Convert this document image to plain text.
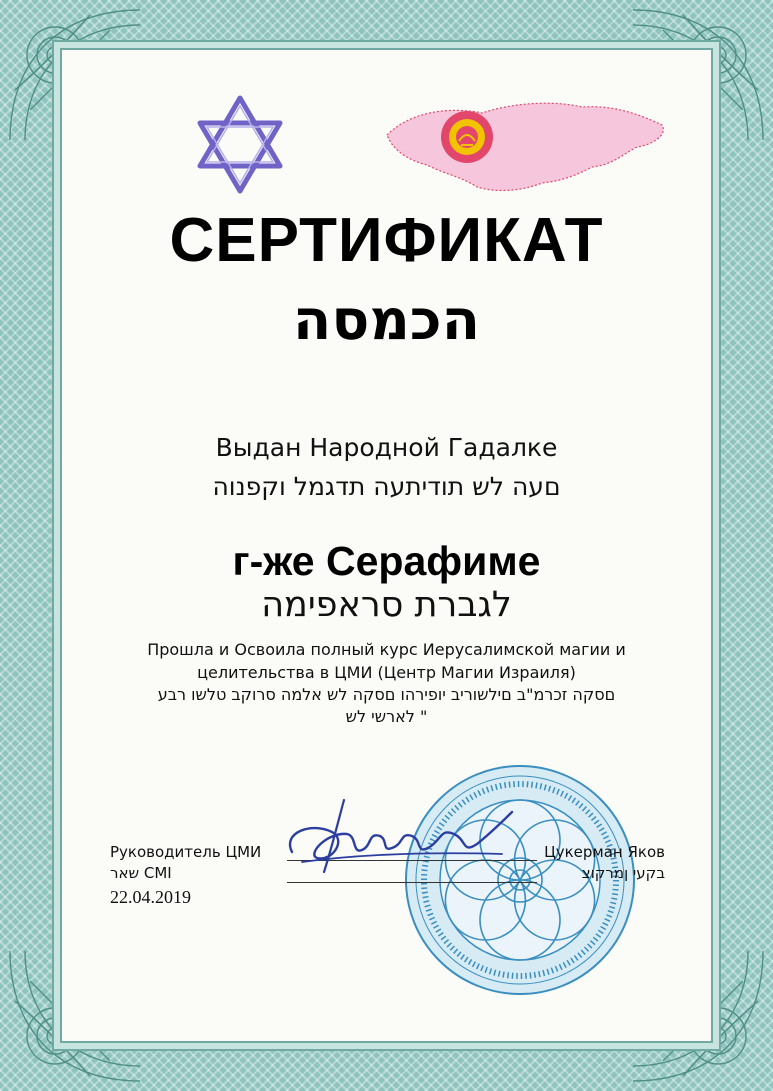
СЕРТИФИКАТ
הכמסה
Выдан Народной Гадалке
םעה לש תודיתעה תדגמל וקפנוה
г-же Серафиме
לגברת סראפימה
Прошла и Освоила полный курс Иерусалимской магии и
целительства в ЦМИ (Центр Магии Израиля)
םסקה זכרמ"ב םילשוריב יופירהו םסקה לש אלמה סרוקב טלשו רבע
" לארשי לש
Руководитель ЦМИ
שאר CMI
22.04.2019
Цукерман Яков
בקעי ןמרקוצ
